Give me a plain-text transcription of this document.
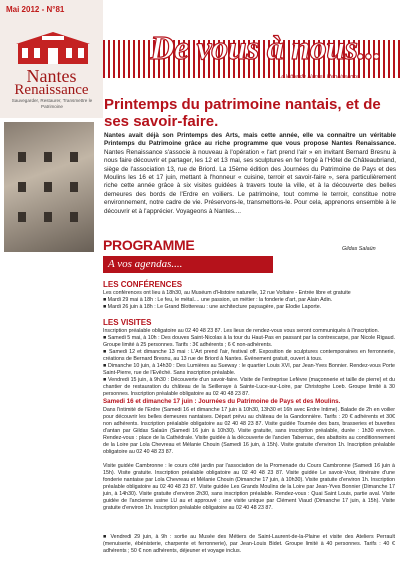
Mai 2012 - N°81
Nantes
Renaissance
Sauvegarder, Restaurer, Transmettre le Patrimoine
De vous à nous...
La lettre de Nantes Renaissance
Printemps du patrimoine nantais, et de ses savoir-faire.
Nantes avait déjà son Printemps des Arts, mais cette année, elle va connaître un véritable Printemps du Patrimoine grâce au riche programme que vous propose Nantes Renaissance. Nantes Renaissance s'associe à nouveau à l'opération « l'art prend l'air » en invitant Bernard Bresnu à nous faire découvrir et partager, les 12 et 13 mai, ses sculptures en fer forgé à l'Hôtel de Châteaubriand, siège de l'association 13, rue de Briord. La 15ème édition des Journées du Patrimoine de Pays et des Moulins les 16 et 17 juin, mettant à l'honneur « cuisine, terroir et savoir-faire », sera particulièrement riche cette année grâce à six visites guidées à travers toute la ville, et à la découverte des belles demeures des bords de l'Erdre en voiliers. Le patrimoine, tout comme le terroir, constitue notre environnement, notre cadre de vie. Préservons-le, transmettons-le. Pour cela, apprenons ensemble à le découvrir et à l'apprécier. Voyageons à Nantes....
Gildas Salaün
PROGRAMME
A vos agendas....
LES CONFÉRENCES
Les conférences ont lieu à 18h30, au Muséum d'Histoire naturelle, 12 rue Voltaire - Entrée libre et gratuite
■ Mardi 29 mai à 18h : Le feu, le métal.... une passion, un métier : la fonderie d'art, par Alain Adin.
■ Mardi 26 juin à 18h : Le Grand Blottereau : une architecture paysagère, par Elodie Laporte.
LES VISITES
Inscription préalable obligatoire au 02 40 48 23 87. Les lieux de rendez-vous vous seront communiqués à l'inscription.
■ Samedi 5 mai, à 10h : Des douves Saint-Nicolas à la tour du Haut-Pas en passant par la contrescarpe, par Nicole Rigaud. Groupe limité à 25 personnes. Tarifs : 3€ adhérents ; 6 € non-adhérents.
■ Samedi 12 et dimanche 13 mai : L'Art prend l'air, festival off. Exposition de sculptures contemporaines en ferronnerie, créations de Bernard Bresnu, au 13 rue de Briord à Nantes. Événement gratuit, ouvert à tous.
■ Dimanche 10 juin, à 14h30 : Des Lumières au Sueway : le quartier Louis XVI, par Jean-Yves Bonnier. Rendez-vous Porte Saint-Pierre, rue de l'Evêché. Sans inscription préalable.
■ Vendredi 15 juin, à 9h30 : Découverte d'un savoir-faire. Visite de l'entreprise Lefèvre (maçonnerie et taille de pierre) et du chantier de restauration du château de la Seilleraye à Sainte-Luce-sur-Loire, par Christophe Loeb. Groupe limité à 30 personnes. Inscription préalable obligatoire au 02 40 48 23 87.
Samedi 16 et dimanche 17 juin : Journées du Patrimoine de Pays et des Moulins.
Dans l'intimité de l'Erdre (Samedi 16 et dimanche 17 juin à 10h30, 13h30 et 16h avec Erdre Intime). Balade de 2h en voilier pour découvrir les belles demeures nantaises. Départ prévu au château de la Gandonnière. Tarifs : 20 € adhérents et 30€ non adhérents. Inscription préalable obligatoire au 02 40 48 23 87. Visite guidée Tournée des bars, brasseries et buvettes d'antan par Gildas Salaün (Samedi 16 juin à 10h30). Visite gratuite, sans inscription préalable, durée : 1h30 environ. Rendez-vous : place de la Cathédrale. Visite guidée à la découverte de l'ancien Tabernac, des abattoirs au conditionnement de la Loire par Lola Chevreau et Mélanie Chouin (Samedi 16 juin, à 15h). Visite gratuite d'environ 1h. Inscription préalable obligatoire au 02 40 48 23 87.
Visite guidée Cambronne : le cours côté jardin par l'association de la Promenade du Cours Cambronne (Samedi 16 juin à 15h). Visite gratuite. Inscription préalable obligatoire au 02 40 48 23 87. Visite guidée Le savoir-Vour, itinéraire d'une fonderie nantaise par Lola Chevreau et Mélanie Chouin (Dimanche 17 juin, à 10h30). Visite gratuite d'environ 1h. Inscription préalable obligatoire au 02 40 48 23 87. Visite guidée Les Grands Moulins de la Loire par Jean-Yves Bonnier (Dimanche 17 juin, à 14h30). Visite gratuite d'environ 2h30, sans inscription préalable. Rendez-vous : Quai Saint Louis, partie aval. Visite guidée de l'ancienne usine LU au et approuvé : une visite unique par Clément Viaud (Dimanche 17 juin, à 15h). Visite gratuite d'environ 1h. Inscription préalable obligatoire au 02 40 48 23 87.
■ Vendredi 29 juin, à 9h : sortie au Musée des Métiers de Saint-Laurent-de-la-Plaine et visite des Ateliers Perrault (menuiserie, ébénisterie, charpente et ferronnerie), par Jean-Louis Bidet. Groupe limité à 40 personnes. Tarifs : 40 € adhérents ; 50 € non adhérents, déjeuner et voyage inclus.
